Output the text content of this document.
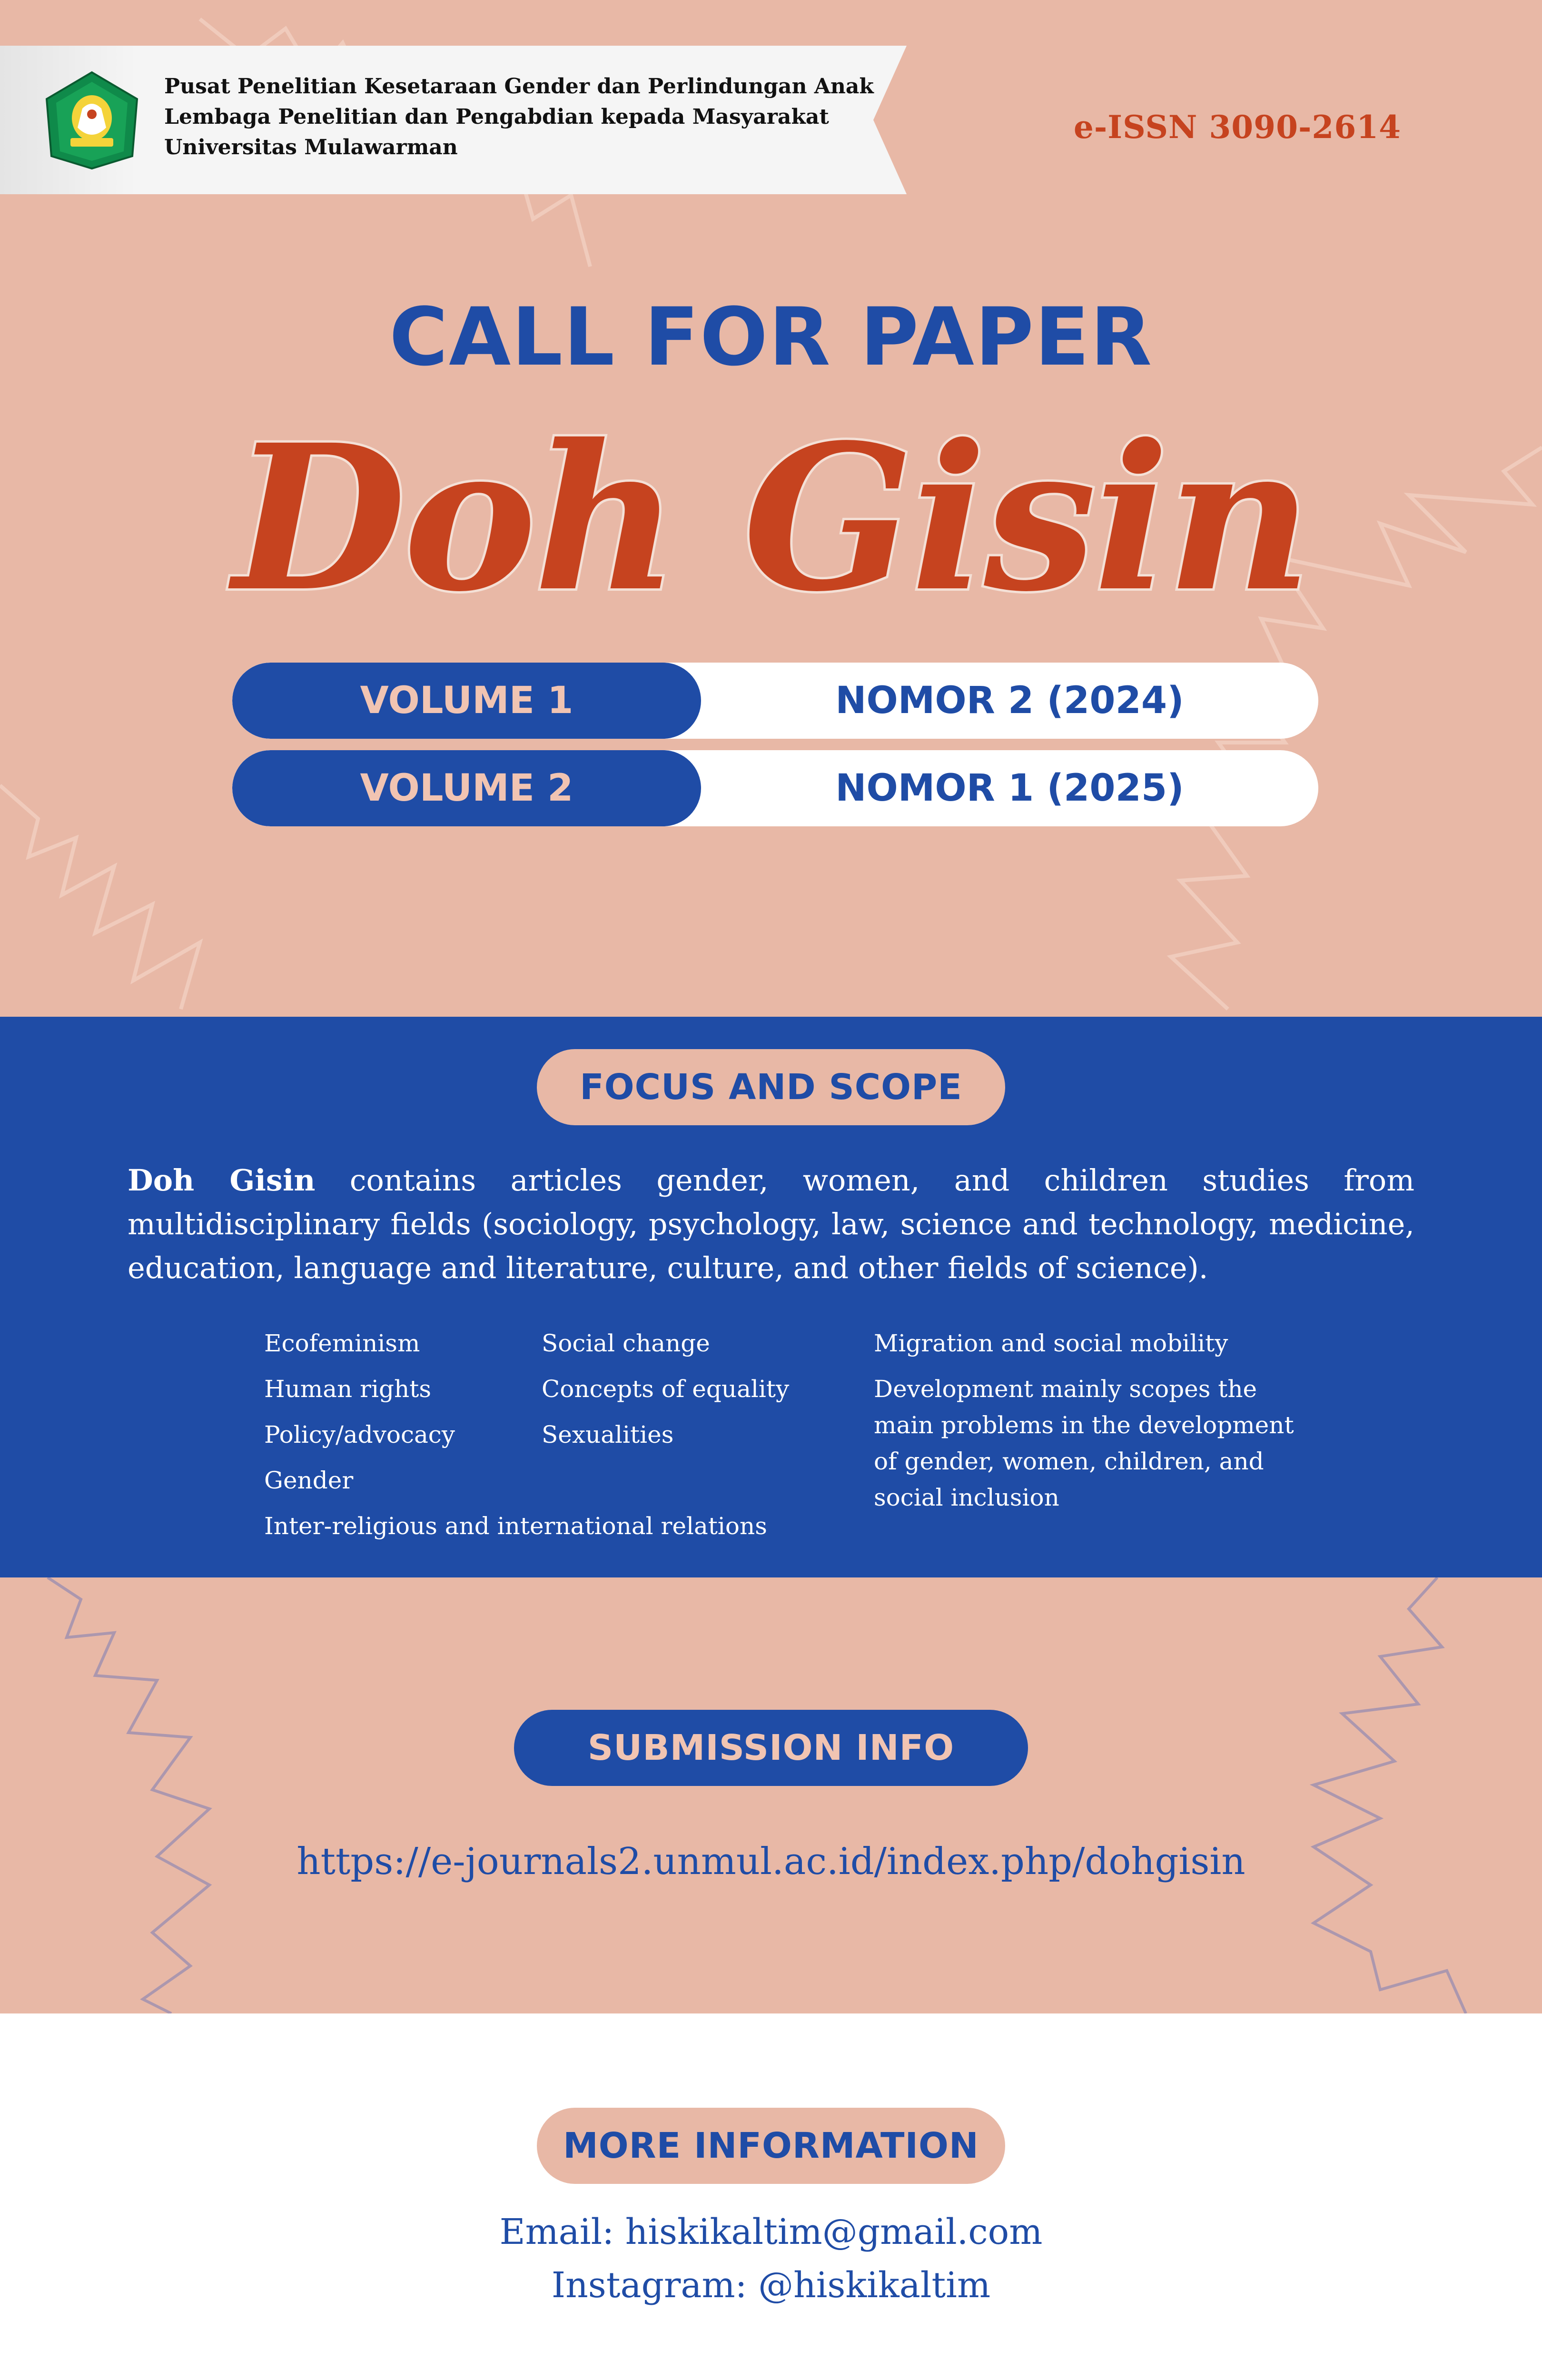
Pusat Penelitian Kesetaraan Gender dan Perlindungan Anak
Lembaga Penelitian dan Pengabdian kepada Masyarakat
Universitas Mulawarman
e-ISSN 3090-2614
CALL FOR PAPER
Doh Gisin
VOLUME 1	NOMOR 2 (2024)
VOLUME 2	NOMOR 1 (2025)
FOCUS AND SCOPE
Doh Gisin contains articles gender, women, and children studies from multidisciplinary fields (sociology, psychology, law, science and technology, medicine, education, language and literature, culture, and other fields of science).
Ecofeminism
Human rights
Policy/advocacy
Gender
Inter-religious and international relations
Social change
Concepts of equality
Sexualities
Migration and social mobility
Development mainly scopes the main problems in the development of gender, women, children, and social inclusion
SUBMISSION INFO
https://e-journals2.unmul.ac.id/index.php/dohgisin
MORE INFORMATION
Email: hiskikaltim@gmail.com
Instagram: @hiskikaltim
